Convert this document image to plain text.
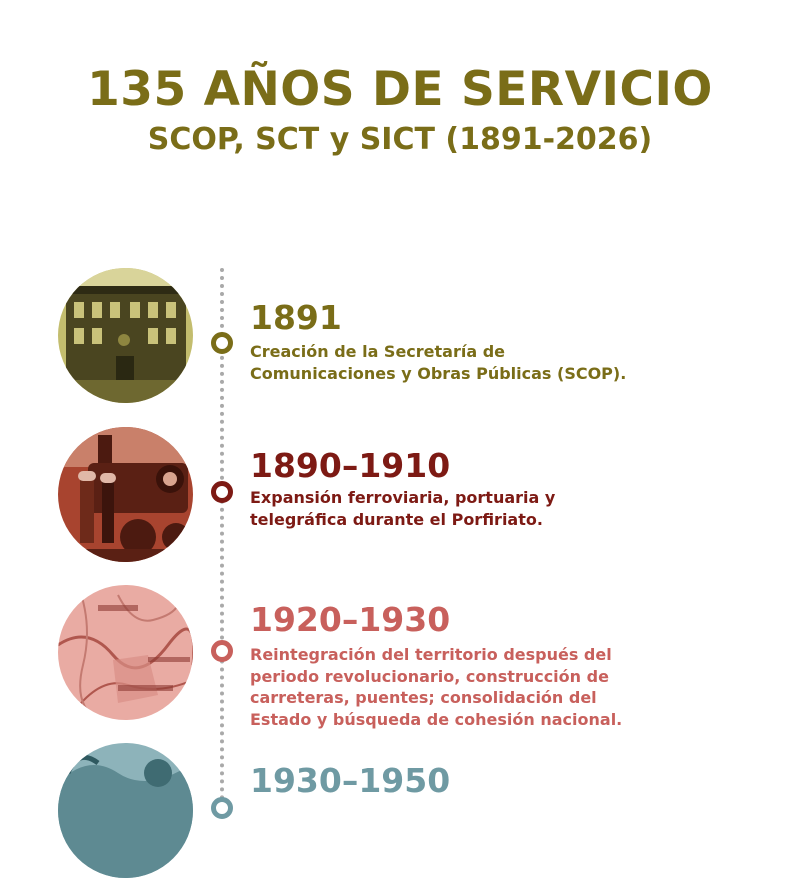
135 AÑOS DE SERVICIO
SCOP, SCT y SICT (1891-2026)
1891
Creación de la Secretaría de
Comunicaciones y Obras Públicas (SCOP).
1890–1910
Expansión ferroviaria, portuaria y
telegráfica durante el Porfiriato.
1920–1930
Reintegración del territorio después del
periodo revolucionario, construcción de
carreteras, puentes; consolidación del
Estado y búsqueda de cohesión nacional.
1930–1950
